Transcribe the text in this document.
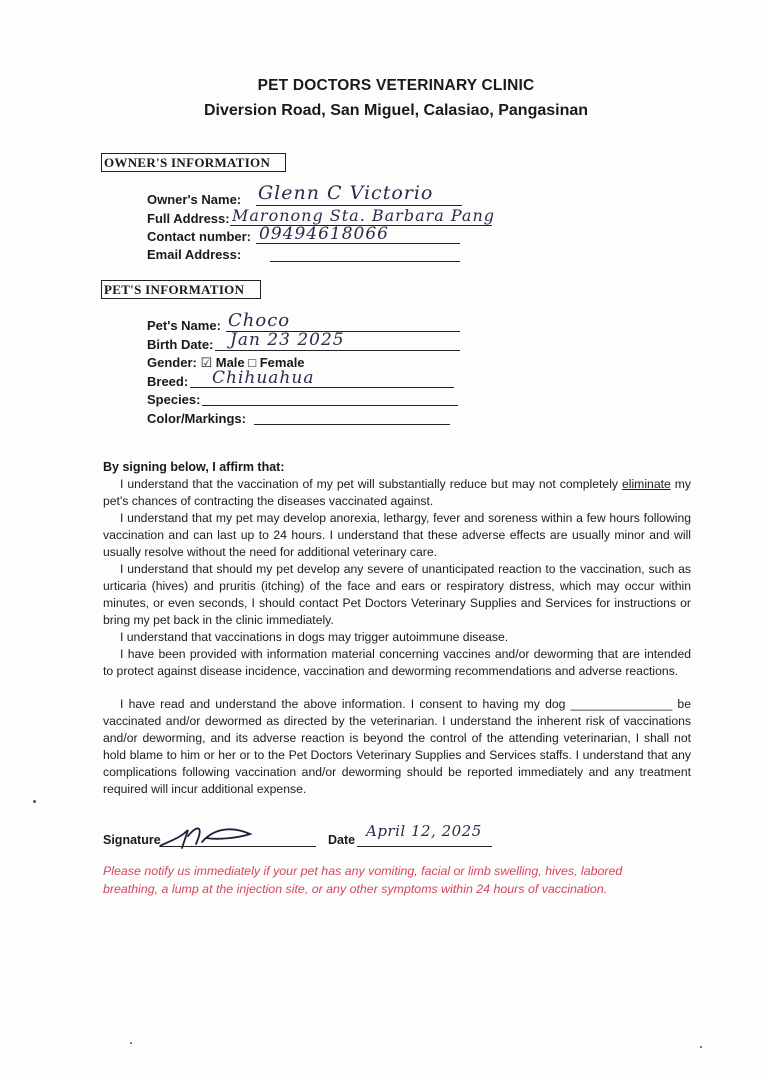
PET DOCTORS VETERINARY CLINIC
Diversion Road, San Miguel, Calasiao, Pangasinan
OWNER'S INFORMATION
Owner's Name: Glenn C Victorio
Full Address: Maronong Sta. Barbara Pang
Contact number: 09494618066
Email Address:
PET'S INFORMATION
Pet's Name: Choco
Birth Date: Jan 23 2025
Gender: ☑ Male □ Female
Breed: Chihuahua
Species:
Color/Markings:
By signing below, I affirm that:
I understand that the vaccination of my pet will substantially reduce but may not completely eliminate my pet's chances of contracting the diseases vaccinated against.
I understand that my pet may develop anorexia, lethargy, fever and soreness within a few hours following vaccination and can last up to 24 hours. I understand that these adverse effects are usually minor and will usually resolve without the need for additional veterinary care.
I understand that should my pet develop any severe of unanticipated reaction to the vaccination, such as urticaria (hives) and pruritis (itching) of the face and ears or respiratory distress, which may occur within minutes, or even seconds, I should contact Pet Doctors Veterinary Supplies and Services for instructions or bring my pet back in the clinic immediately.
I understand that vaccinations in dogs may trigger autoimmune disease.
I have been provided with information material concerning vaccines and/or deworming that are intended to protect against disease incidence, vaccination and deworming recommendations and adverse reactions.
I have read and understand the above information. I consent to having my dog _______________ be vaccinated and/or dewormed as directed by the veterinarian. I understand the inherent risk of vaccinations and/or deworming, and its adverse reaction is beyond the control of the attending veterinarian, I shall not hold blame to him or her or to the Pet Doctors Veterinary Supplies and Services staffs. I understand that any complications following vaccination and/or deworming should be reported immediately and any treatment required will incur additional expense.
Signature	Date April 12, 2025
Please notify us immediately if your pet has any vomiting, facial or limb swelling, hives, labored breathing, a lump at the injection site, or any other symptoms within 24 hours of vaccination.
